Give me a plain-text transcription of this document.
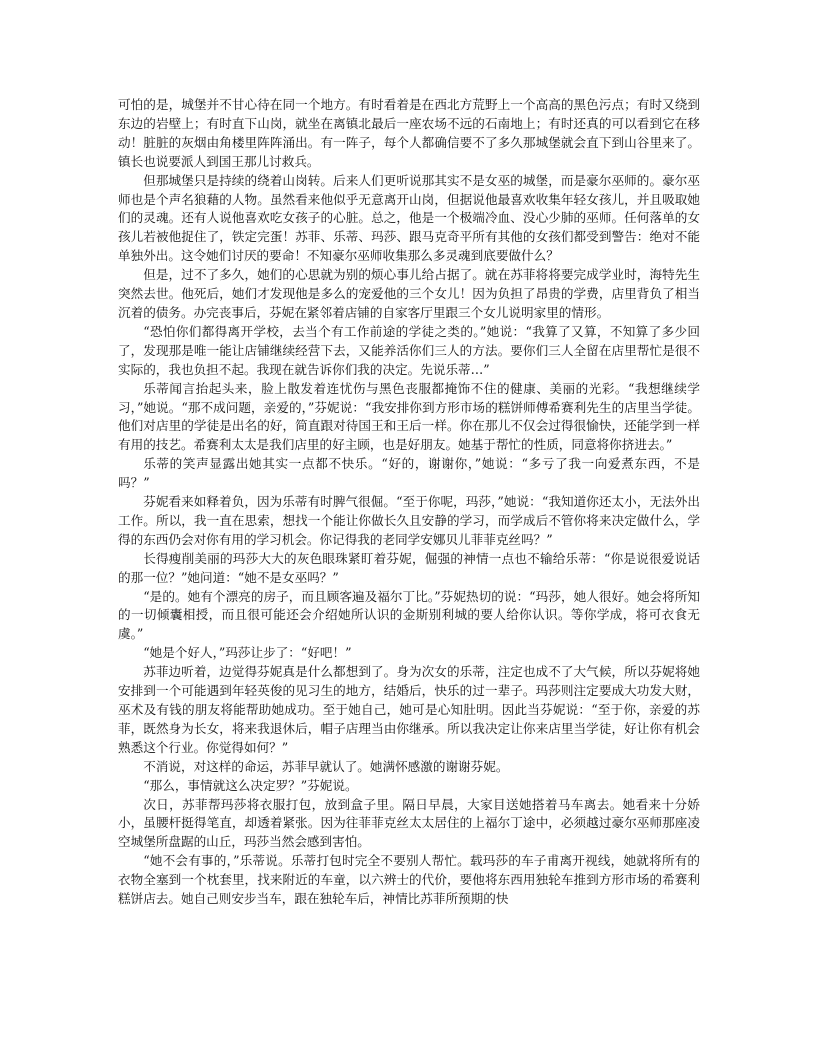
可怕的是，城堡并不甘心待在同一个地方。有时看着是在西北方荒野上一个高高的黑色污点；有时又绕到东边的岩壁上；有时直下山岗，就坐在离镇北最后一座农场不远的石南地上；有时还真的可以看到它在移动！脏脏的灰烟由角楼里阵阵涌出。有一阵子，每个人都确信要不了多久那城堡就会直下到山谷里来了。镇长也说要派人到国王那儿讨救兵。

但那城堡只是持续的绕着山岗转。后来人们更听说那其实不是女巫的城堡，而是豪尔巫师的。豪尔巫师也是个声名狼藉的人物。虽然看来他似乎无意离开山岗，但据说他最喜欢收集年轻女孩儿，并且吸取她们的灵魂。还有人说他喜欢吃女孩子的心脏。总之，他是一个极端冷血、没心少肺的巫师。任何落单的女孩儿若被他捉住了，铁定完蛋！苏菲、乐蒂、玛莎、跟马克奇平所有其他的女孩们都受到警告：绝对不能单独外出。这令她们讨厌的要命！不知豪尔巫师收集那么多灵魂到底要做什么？

但是，过不了多久，她们的心思就为别的烦心事儿给占据了。就在苏菲将将要完成学业时，海特先生突然去世。他死后，她们才发现他是多么的宠爱他的三个女儿！因为负担了昂贵的学费，店里背负了相当沉着的债务。办完丧事后，芬妮在紧邻着店铺的自家客厅里跟三个女儿说明家里的情形。

“恐怕你们都得离开学校，去当个有工作前途的学徒之类的。”她说：“我算了又算，不知算了多少回了，发现那是唯一能让店铺继续经营下去，又能养活你们三人的方法。要你们三人全留在店里帮忙是很不实际的，我也负担不起。我现在就告诉你们我的决定。先说乐蒂…”

乐蒂闻言抬起头来，脸上散发着连忧伤与黑色丧服都掩饰不住的健康、美丽的光彩。“我想继续学习，”她说。“那不成问题，亲爱的，”芬妮说：“我安排你到方形市场的糕饼师傅希赛利先生的店里当学徒。他们对店里的学徒是出名的好，简直跟对待国王和王后一样。你在那儿不仅会过得很愉快，还能学到一样有用的技艺。希赛利太太是我们店里的好主顾，也是好朋友。她基于帮忙的性质，同意将你挤进去。”

乐蒂的笑声显露出她其实一点都不快乐。“好的，谢谢你，”她说：“多亏了我一向爱煮东西，不是吗？”

芬妮看来如释着负，因为乐蒂有时脾气很倔。“至于你呢，玛莎，”她说：“我知道你还太小，无法外出工作。所以，我一直在思索，想找一个能让你做长久且安静的学习，而学成后不管你将来决定做什么，学得的东西仍会对你有用的学习机会。你记得我的老同学安娜贝儿菲菲克丝吗？”

长得瘦削美丽的玛莎大大的灰色眼珠紧盯着芬妮，倔强的神情一点也不输给乐蒂：“你是说很爱说话的那一位？”她问道：“她不是女巫吗？”

“是的。她有个漂亮的房子，而且顾客遍及福尔丁比。”芬妮热切的说：“玛莎，她人很好。她会将所知的一切倾囊相授，而且很可能还会介绍她所认识的金斯别利城的要人给你认识。等你学成，将可衣食无虞。”

“她是个好人，”玛莎让步了：“好吧！”

苏菲边听着，边觉得芬妮真是什么都想到了。身为次女的乐蒂，注定也成不了大气候，所以芬妮将她安排到一个可能遇到年轻英俊的见习生的地方，结婚后，快乐的过一辈子。玛莎则注定要成大功发大财，巫术及有钱的朋友将能帮助她成功。至于她自己，她可是心知肚明。因此当芬妮说：“至于你，亲爱的苏菲，既然身为长女，将来我退休后，帽子店理当由你继承。所以我决定让你来店里当学徒，好让你有机会熟悉这个行业。你觉得如何？”

不消说，对这样的命运，苏菲早就认了。她满怀感激的谢谢芬妮。

“那么，事情就这么决定罗？”芬妮说。

次日，苏菲帮玛莎将衣服打包，放到盒子里。隔日早晨，大家目送她搭着马车离去。她看来十分娇小，虽腰杆挺得笔直，却透着紧张。因为往菲菲克丝太太居住的上福尔丁途中，必须越过豪尔巫师那座凌空城堡所盘踞的山丘，玛莎当然会感到害怕。

“她不会有事的，”乐蒂说。乐蒂打包时完全不要别人帮忙。载玛莎的车子甫离开视线，她就将所有的衣物全塞到一个枕套里，找来附近的车童，以六辨士的代价，要他将东西用独轮车推到方形市场的希赛利糕饼店去。她自己则安步当车，跟在独轮车后，神情比苏菲所预期的快
